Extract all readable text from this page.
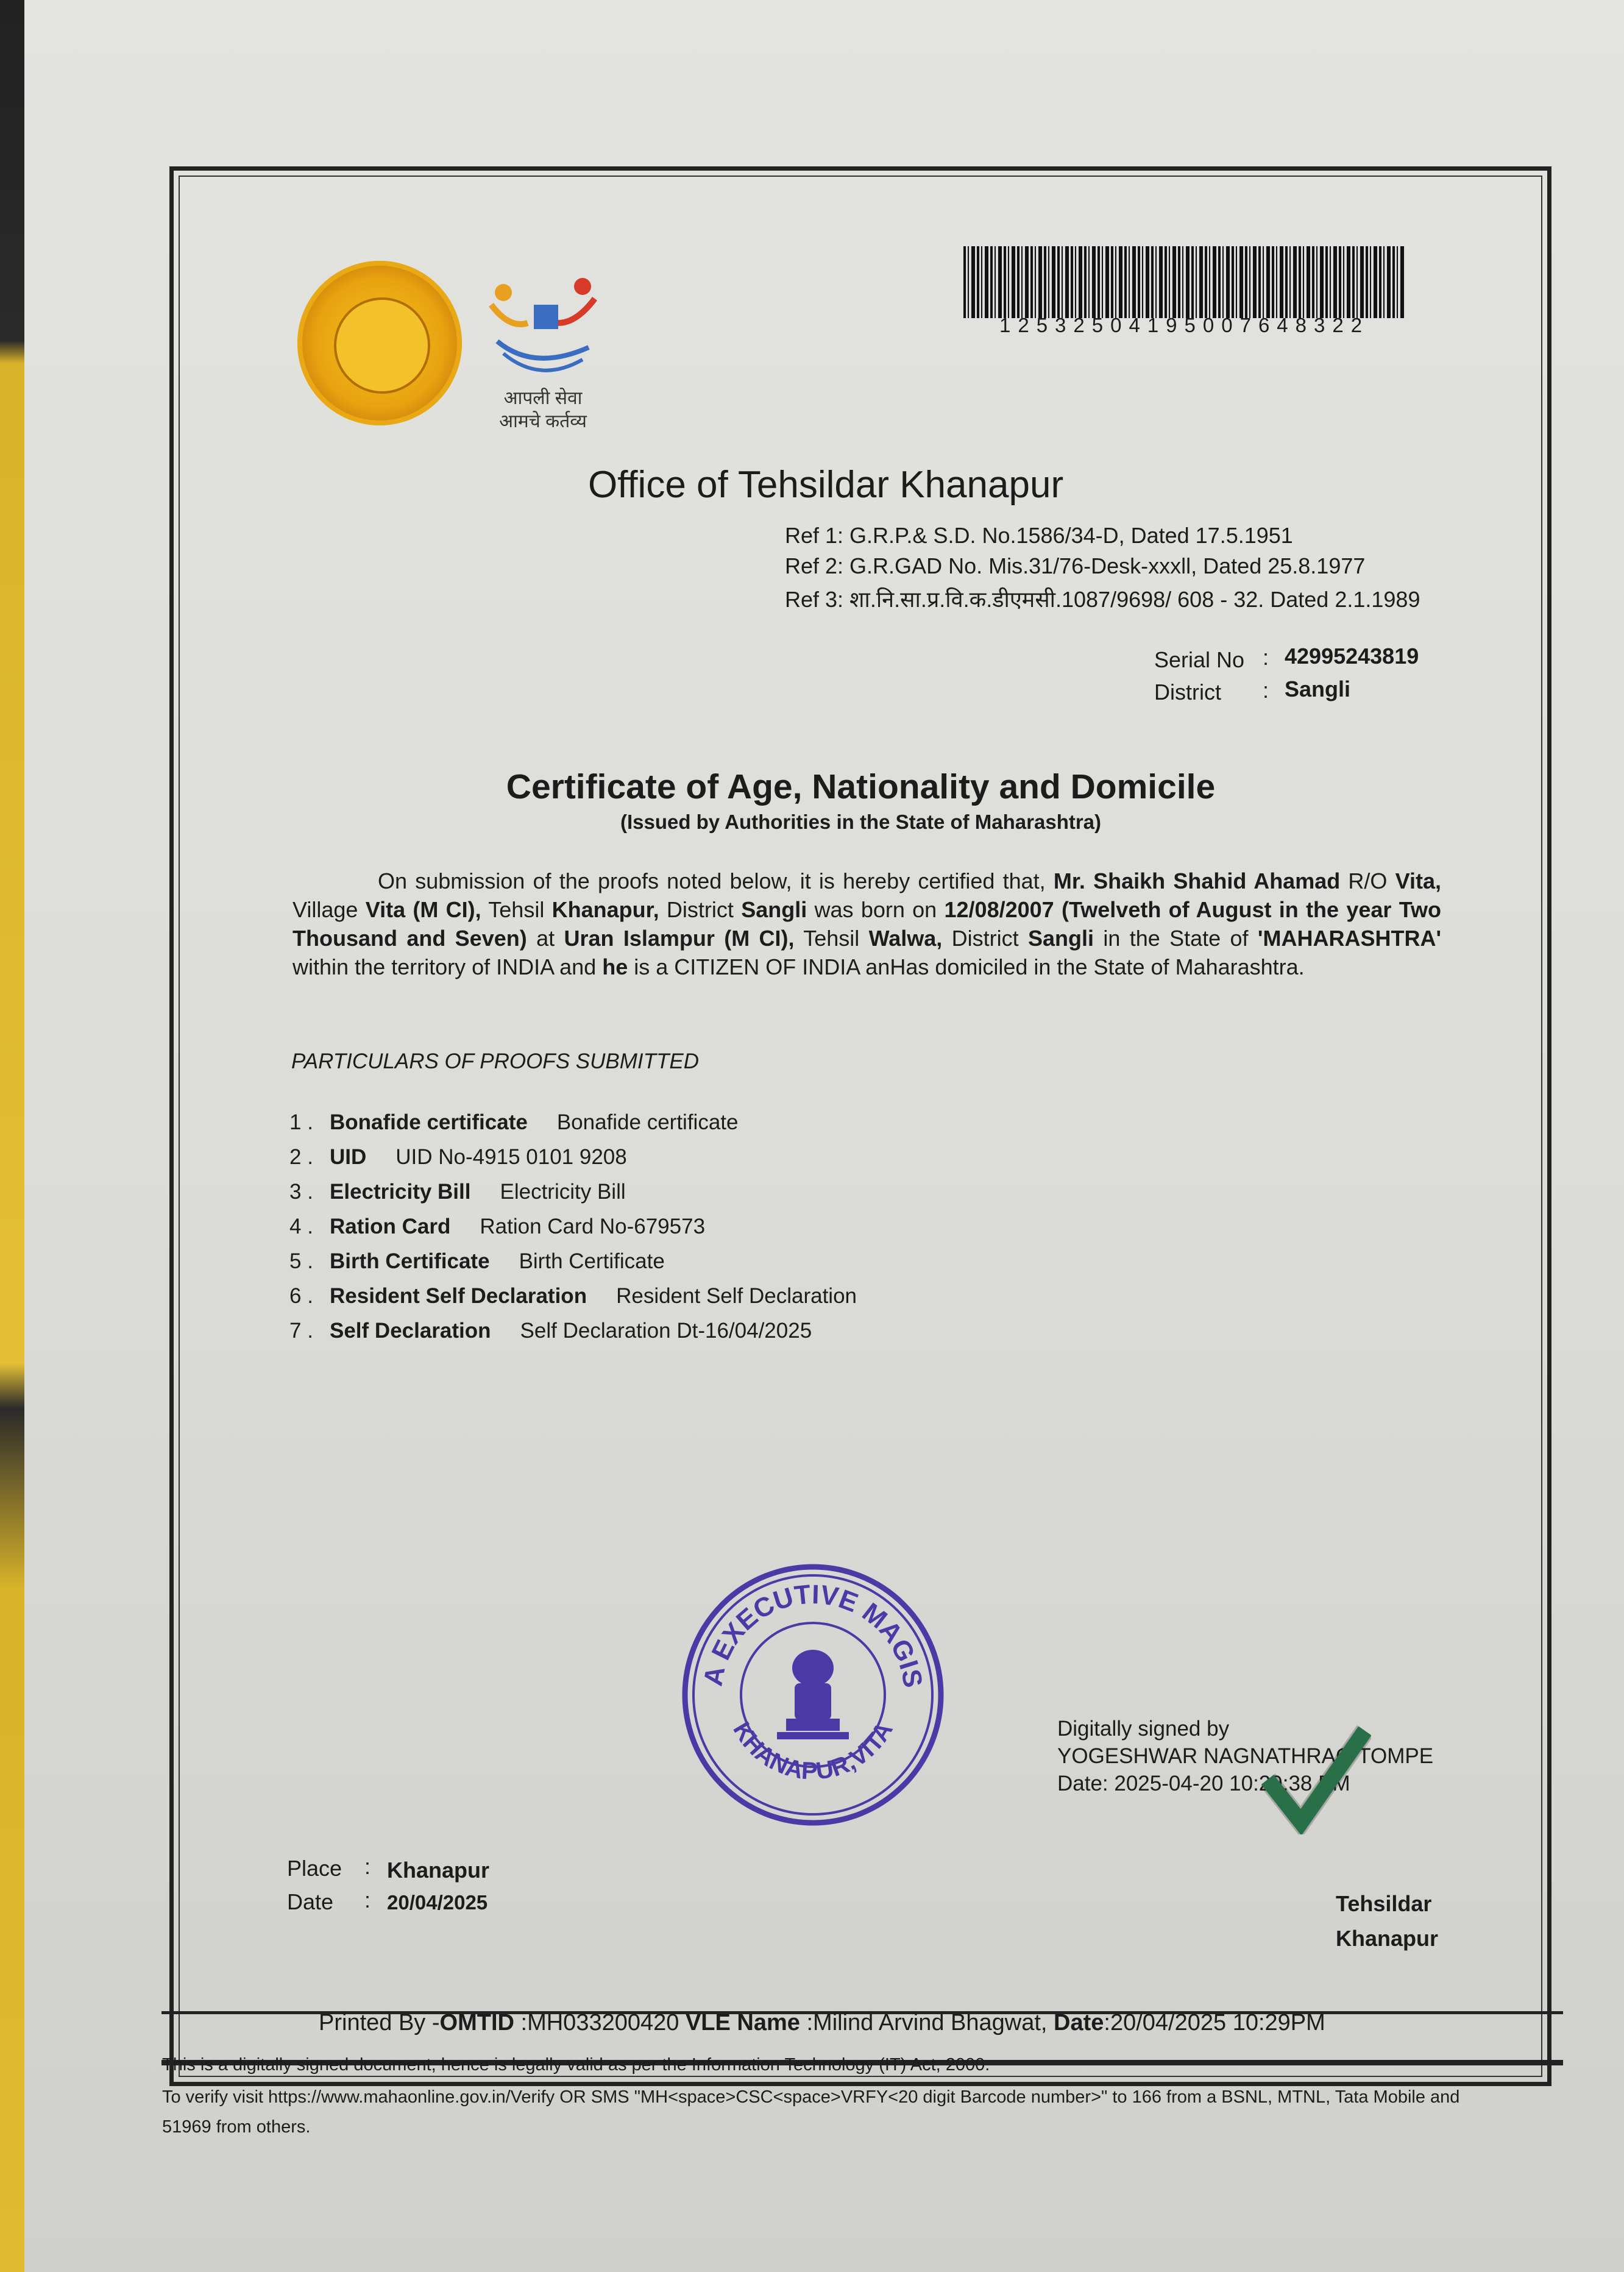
आपली सेवा
आमचे कर्तव्य
12532504195007648322
Office of Tehsildar Khanapur
Ref 1: G.R.P.& S.D. No.1586/34-D, Dated 17.5.1951
Ref 2: G.R.GAD No. Mis.31/76-Desk-xxxll, Dated 25.8.1977
Ref 3: शा.नि.सा.प्र.वि.क.डीएमसी.1087/9698/ 608 - 32. Dated 2.1.1989
Serial No : 42995243819
District : Sangli
Certificate of Age, Nationality and Domicile
(Issued by Authorities in the State of Maharashtra)
On submission of the proofs noted below, it is hereby certified that, Mr. Shaikh Shahid Ahamad R/O Vita, Village Vita (M CI), Tehsil Khanapur, District Sangli was born on 12/08/2007 (Twelveth of August in the year Two Thousand and Seven) at Uran Islampur (M CI), Tehsil Walwa, District Sangli in the State of 'MAHARASHTRA' within the territory of INDIA and he is a CITIZEN OF INDIA anHas domiciled in the State of Maharashtra.
PARTICULARS OF PROOFS SUBMITTED
1 . Bonafide certificate Bonafide certificate
2 . UID UID No-4915 0101 9208
3 . Electricity Bill Electricity Bill
4 . Ration Card Ration Card No-679573
5 . Birth Certificate Birth Certificate
6 . Resident Self Declaration Resident Self Declaration
7 . Self Declaration Self Declaration Dt-16/04/2025
A EXECUTIVE MAGIS
KHANAPUR,VITA	Digitally signed by
YOGESHWAR NAGNATHRAO TOMPE
Date: 2025-04-20 10:29:38 PM
Place : Khanapur
Date : 20/04/2025	Tehsildar
Khanapur
Printed By -OMTID :MH033200420 VLE Name :Milind Arvind Bhagwat, Date:20/04/2025 10:29PM
This is a digitally signed document, hence is legally valid as per the Information Technology (IT) Act, 2000.
To verify visit https://www.mahaonline.gov.in/Verify OR SMS "MH<space>CSC<space>VRFY<20 digit Barcode number>" to 166 from a BSNL, MTNL, Tata Mobile and
51969 from others.
